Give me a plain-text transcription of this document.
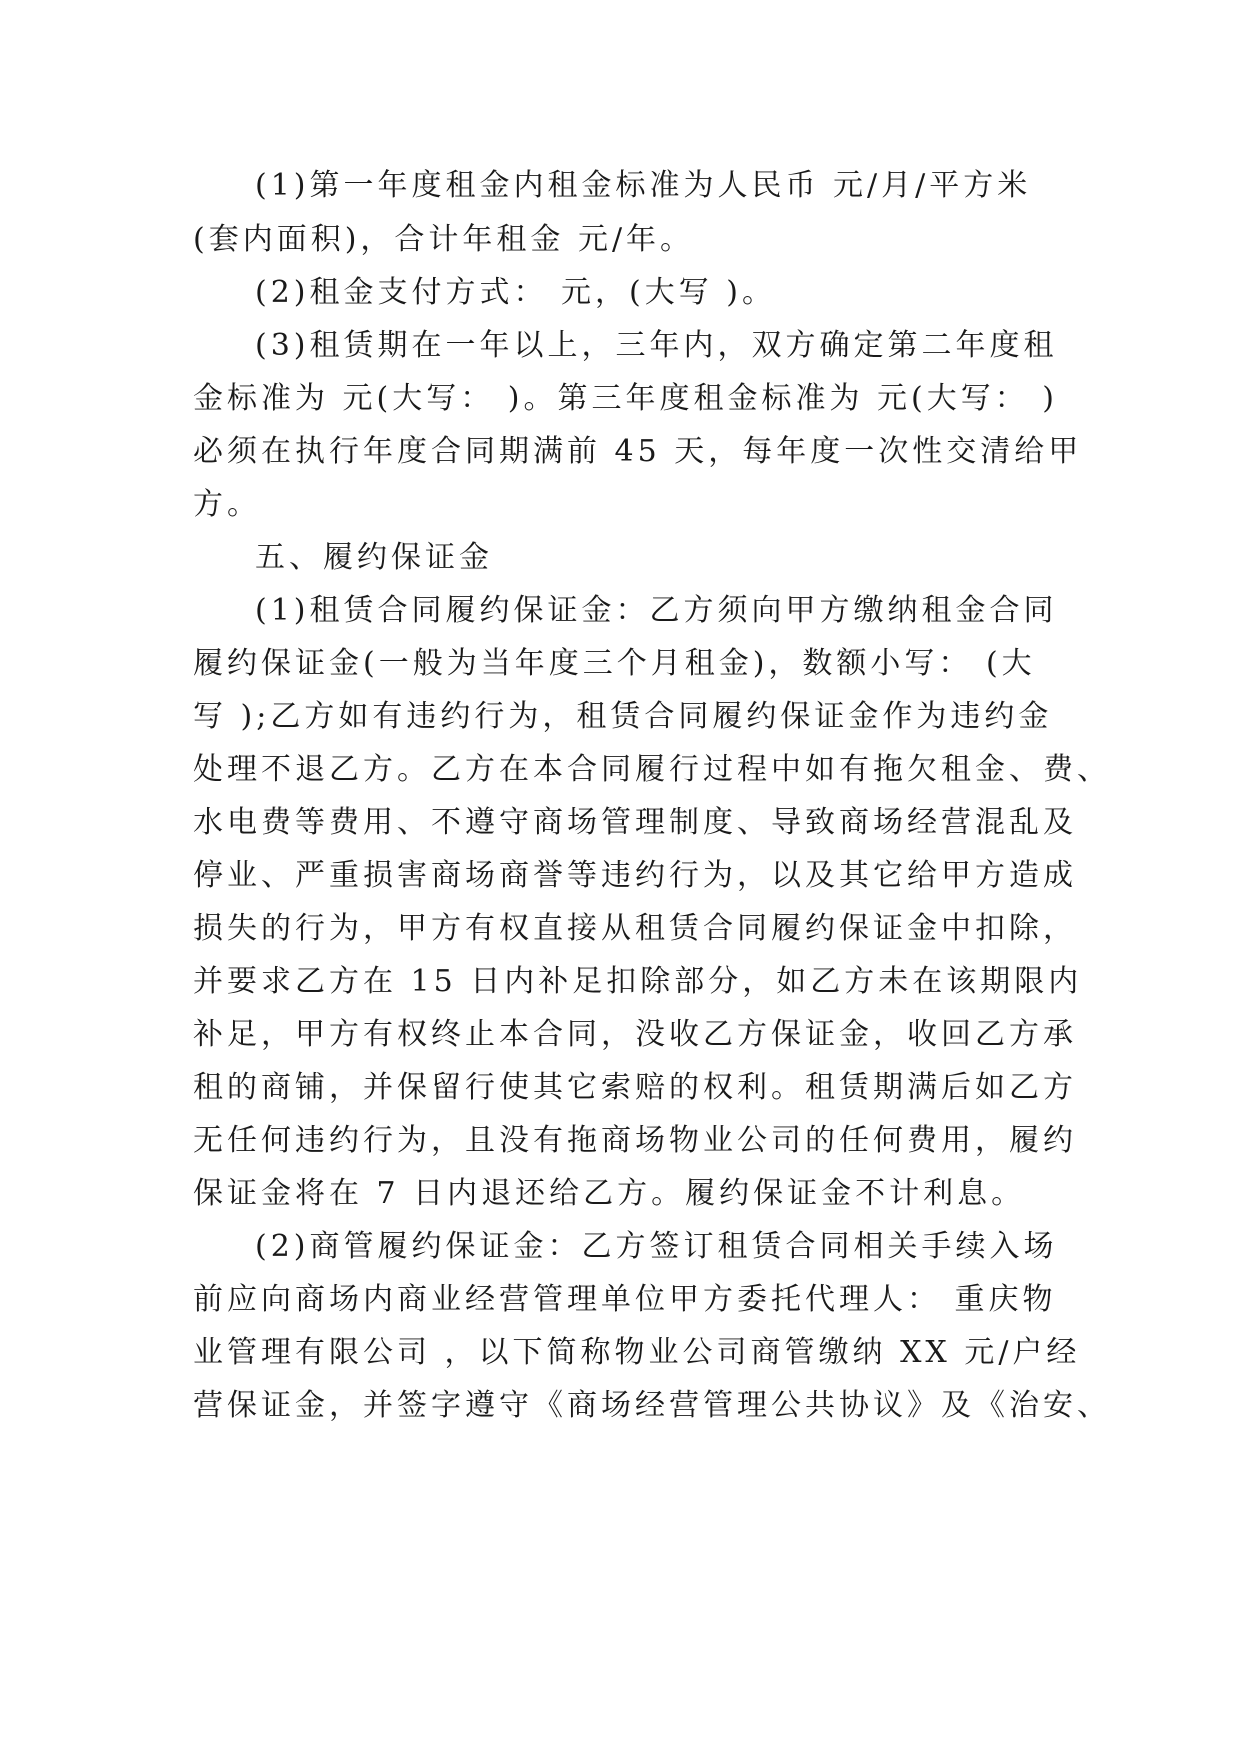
(1)第一年度租金内租金标准为人民币 元/月/平方米
(套内面积)，合计年租金 元/年。
(2)租金支付方式： 元，(大写 )。
(3)租赁期在一年以上，三年内，双方确定第二年度租
金标准为 元(大写： )。第三年度租金标准为 元(大写： )
必须在执行年度合同期满前 45 天，每年度一次性交清给甲
方。
五、履约保证金
(1)租赁合同履约保证金：乙方须向甲方缴纳租金合同
履约保证金(一般为当年度三个月租金)，数额小写： (大
写 );乙方如有违约行为，租赁合同履约保证金作为违约金
处理不退乙方。乙方在本合同履行过程中如有拖欠租金、费、
水电费等费用、不遵守商场管理制度、导致商场经营混乱及
停业、严重损害商场商誉等违约行为，以及其它给甲方造成
损失的行为，甲方有权直接从租赁合同履约保证金中扣除，
并要求乙方在 15 日内补足扣除部分，如乙方未在该期限内
补足，甲方有权终止本合同，没收乙方保证金，收回乙方承
租的商铺，并保留行使其它索赔的权利。租赁期满后如乙方
无任何违约行为，且没有拖商场物业公司的任何费用，履约
保证金将在 7 日内退还给乙方。履约保证金不计利息。
(2)商管履约保证金：乙方签订租赁合同相关手续入场
前应向商场内商业经营管理单位甲方委托代理人： 重庆物
业管理有限公司 ，以下简称物业公司商管缴纳 XX 元/户经
营保证金，并签字遵守《商场经营管理公共协议》及《治安、
